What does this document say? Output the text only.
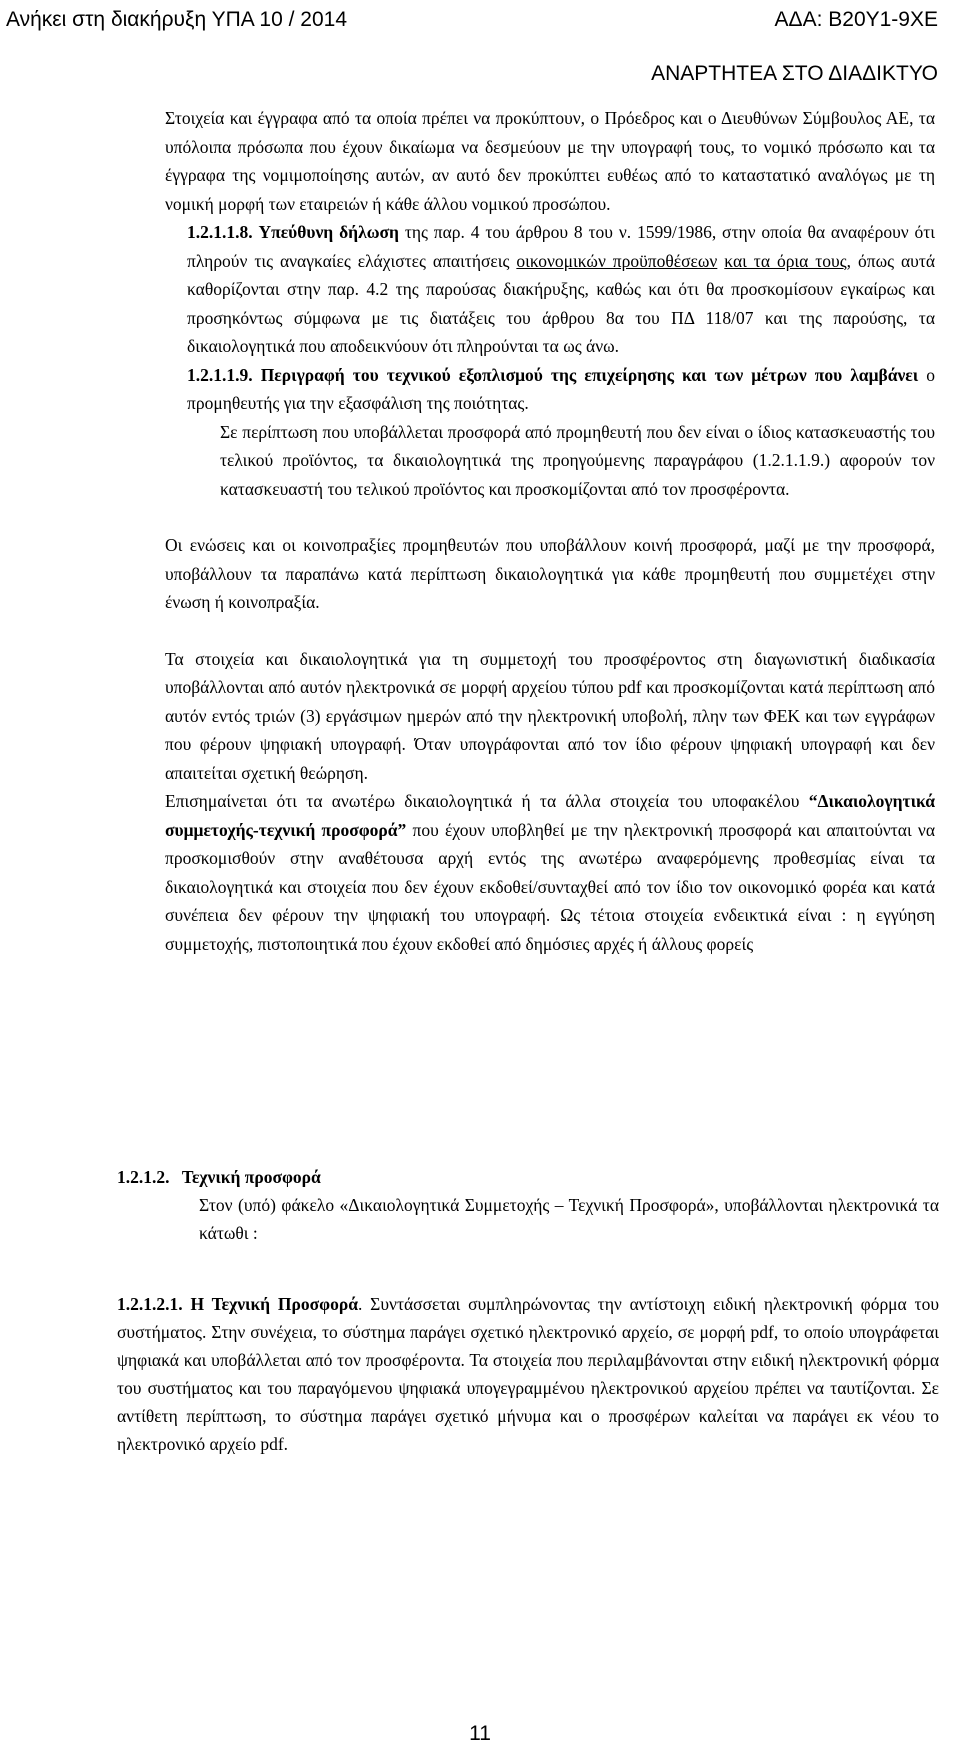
Ανήκει στη διακήρυξη ΥΠΑ 10 / 2014	ΑΔΑ: Β20Υ1-9ΧΕ
ΑΝΑΡΤΗΤΕΑ ΣΤΟ ΔΙΑΔΙΚΤΥΟ

Στοιχεία και έγγραφα από τα οποία πρέπει να προκύπτουν, ο Πρόεδρος και ο Διευθύνων Σύμβουλος ΑΕ, τα υπόλοιπα πρόσωπα που έχουν δικαίωμα να δεσμεύουν με την υπογραφή τους, το νομικό πρόσωπο και τα έγγραφα της νομιμοποίησης αυτών, αν αυτό δεν προκύπτει ευθέως από το καταστατικό αναλόγως με τη νομική μορφή των εταιρειών ή κάθε άλλου νομικού προσώπου.

1.2.1.1.8. Υπεύθυνη δήλωση της παρ. 4 του άρθρου 8 του ν. 1599/1986, στην οποία θα αναφέρουν ότι πληρούν τις αναγκαίες ελάχιστες απαιτήσεις οικονομικών προϋποθέσεων και τα όρια τους, όπως αυτά καθορίζονται στην παρ. 4.2 της παρούσας διακήρυξης, καθώς και ότι θα προσκομίσουν εγκαίρως και προσηκόντως σύμφωνα με τις διατάξεις του άρθρου 8α του ΠΔ 118/07 και της παρούσης, τα δικαιολογητικά που αποδεικνύουν ότι πληρούνται τα ως άνω.

1.2.1.1.9. Περιγραφή του τεχνικού εξοπλισμού της επιχείρησης και των μέτρων που λαμβάνει ο προμηθευτής για την εξασφάλιση της ποιότητας.

Σε περίπτωση που υποβάλλεται προσφορά από προμηθευτή που δεν είναι ο ίδιος κατασκευαστής του τελικού προϊόντος, τα δικαιολογητικά της προηγούμενης παραγράφου (1.2.1.1.9.) αφορούν τον κατασκευαστή του τελικού προϊόντος και προσκομίζονται από τον προσφέροντα.

Οι ενώσεις και οι κοινοπραξίες προμηθευτών που υποβάλλουν κοινή προσφορά, μαζί με την προσφορά, υποβάλλουν τα παραπάνω κατά περίπτωση δικαιολογητικά για κάθε προμηθευτή που συμμετέχει στην ένωση ή κοινοπραξία.

Τα στοιχεία και δικαιολογητικά για τη συμμετοχή του προσφέροντος στη διαγωνιστική διαδικασία υποβάλλονται από αυτόν ηλεκτρονικά σε μορφή αρχείου τύπου pdf και προσκομίζονται κατά περίπτωση από αυτόν εντός τριών (3) εργάσιμων ημερών από την ηλεκτρονική υποβολή, πλην των ΦΕΚ και των εγγράφων που φέρουν ψηφιακή υπογραφή. Όταν υπογράφονται από τον ίδιο φέρουν ψηφιακή υπογραφή και δεν απαιτείται σχετική θεώρηση.

Επισημαίνεται ότι τα ανωτέρω δικαιολογητικά ή τα άλλα στοιχεία του υποφακέλου “Δικαιολογητικά συμμετοχής-τεχνική προσφορά” που έχουν υποβληθεί με την ηλεκτρονική προσφορά και απαιτούνται να προσκομισθούν στην αναθέτουσα αρχή εντός της ανωτέρω αναφερόμενης προθεσμίας είναι τα δικαιολογητικά και στοιχεία που δεν έχουν εκδοθεί/συνταχθεί από τον ίδιο τον οικονομικό φορέα και κατά συνέπεια δεν φέρουν την ψηφιακή του υπογραφή. Ως τέτοια στοιχεία ενδεικτικά είναι : η εγγύηση συμμετοχής, πιστοποιητικά που έχουν εκδοθεί από δημόσιες αρχές ή άλλους φορείς

1.2.1.2. Τεχνική προσφορά

Στον (υπό) φάκελο «Δικαιολογητικά Συμμετοχής – Τεχνική Προσφορά», υποβάλλονται ηλεκτρονικά τα κάτωθι :

1.2.1.2.1. Η Τεχνική Προσφορά. Συντάσσεται συμπληρώνοντας την αντίστοιχη ειδική ηλεκτρονική φόρμα του συστήματος. Στην συνέχεια, το σύστημα παράγει σχετικό ηλεκτρονικό αρχείο, σε μορφή pdf, το οποίο υπογράφεται ψηφιακά και υποβάλλεται από τον προσφέροντα. Τα στοιχεία που περιλαμβάνονται στην ειδική ηλεκτρονική φόρμα του συστήματος και του παραγόμενου ψηφιακά υπογεγραμμένου ηλεκτρονικού αρχείου πρέπει να ταυτίζονται. Σε αντίθετη περίπτωση, το σύστημα παράγει σχετικό μήνυμα και ο προσφέρων καλείται να παράγει εκ νέου το ηλεκτρονικό αρχείο pdf.

11
